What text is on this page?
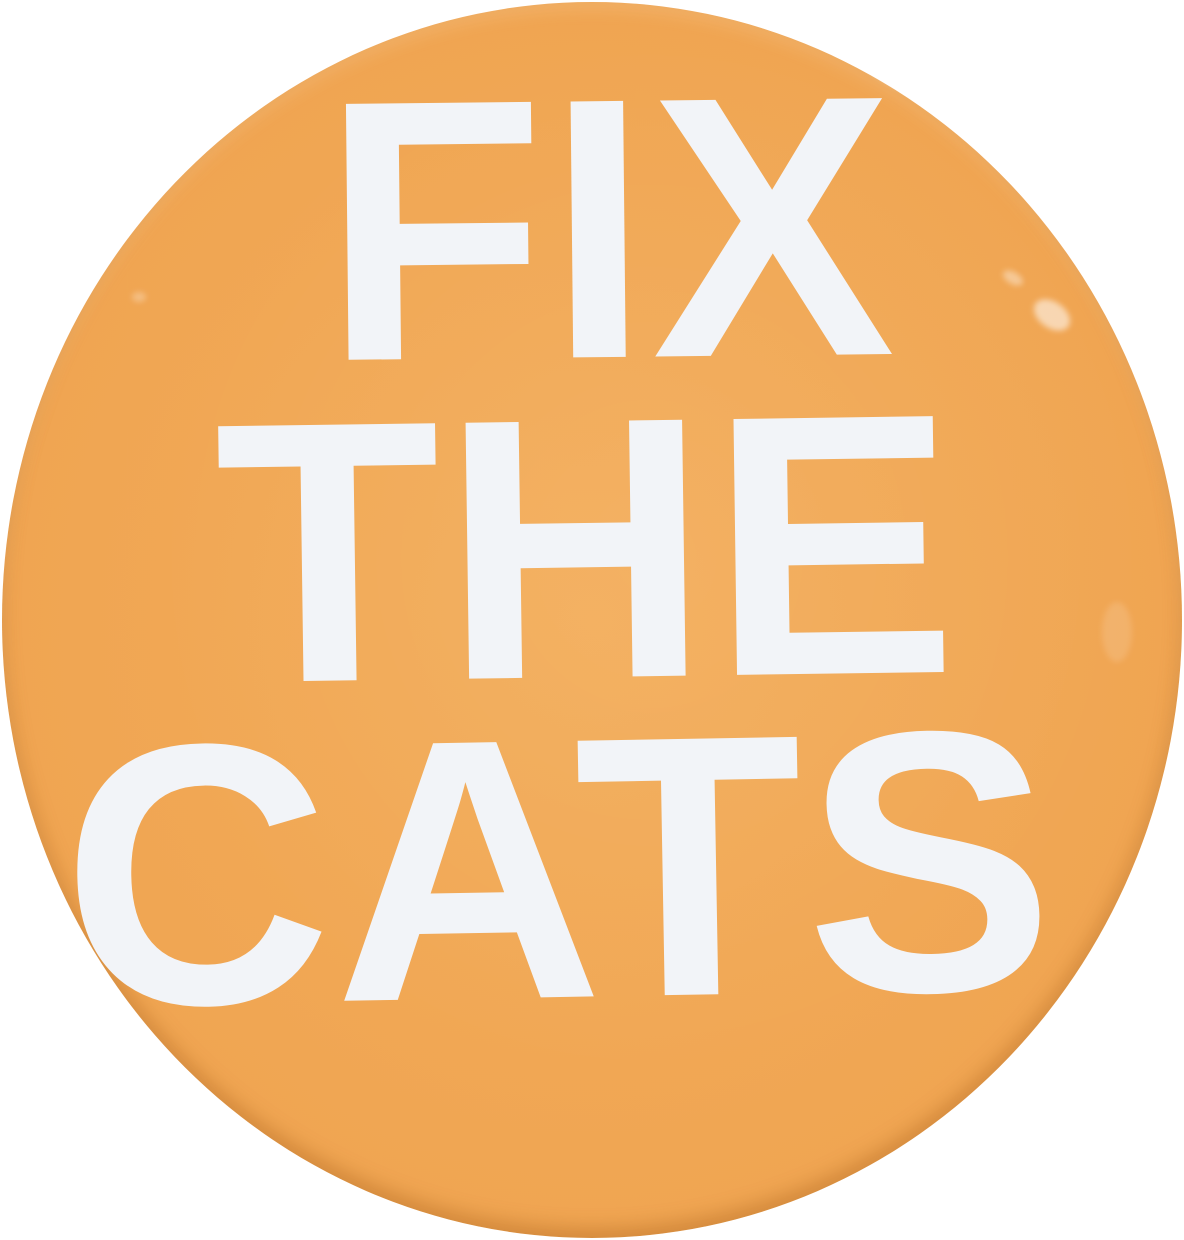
FIX

THE

CATS
